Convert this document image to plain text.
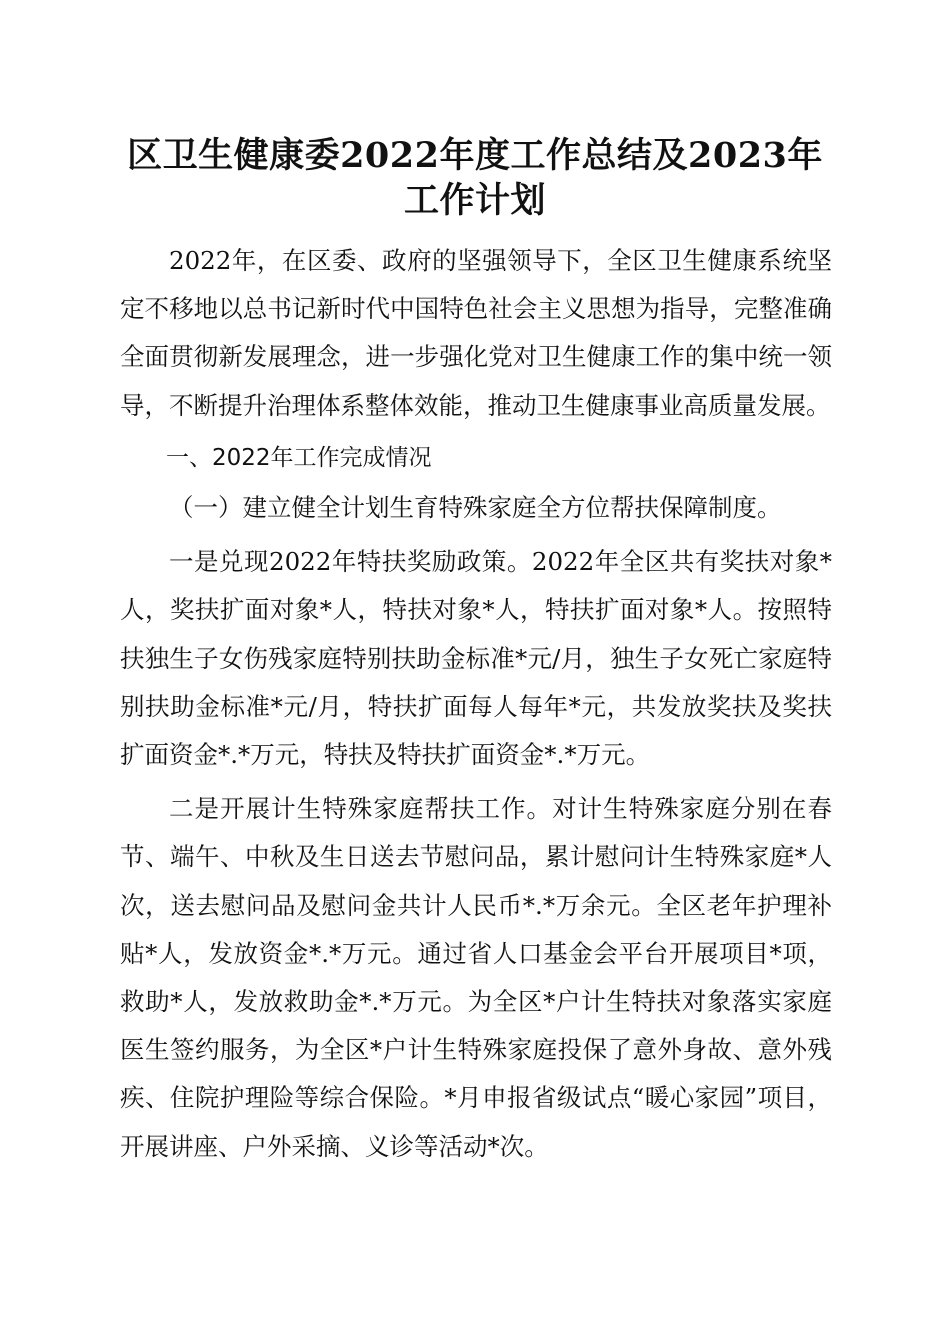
区卫生健康委2022年度工作总结及2023年工作计划

2022年，在区委、政府的坚强领导下，全区卫生健康系统坚定不移地以总书记新时代中国特色社会主义思想为指导，完整准确全面贯彻新发展理念，进一步强化党对卫生健康工作的集中统一领导，不断提升治理体系整体效能，推动卫生健康事业高质量发展。

一、2022年工作完成情况

（一）建立健全计划生育特殊家庭全方位帮扶保障制度。

一是兑现2022年特扶奖励政策。2022年全区共有奖扶对象*人，奖扶扩面对象*人，特扶对象*人，特扶扩面对象*人。按照特扶独生子女伤残家庭特别扶助金标准*元/月，独生子女死亡家庭特别扶助金标准*元/月，特扶扩面每人每年*元，共发放奖扶及奖扶扩面资金*.*万元，特扶及特扶扩面资金*.*万元。

二是开展计生特殊家庭帮扶工作。对计生特殊家庭分别在春节、端午、中秋及生日送去节慰问品，累计慰问计生特殊家庭*人次，送去慰问品及慰问金共计人民币*.*万余元。全区老年护理补贴*人，发放资金*.*万元。通过省人口基金会平台开展项目*项，救助*人，发放救助金*.*万元。为全区*户计生特扶对象落实家庭医生签约服务，为全区*户计生特殊家庭投保了意外身故、意外残疾、住院护理险等综合保险。*月申报省级试点“暖心家园”项目，开展讲座、户外采摘、义诊等活动*次。
